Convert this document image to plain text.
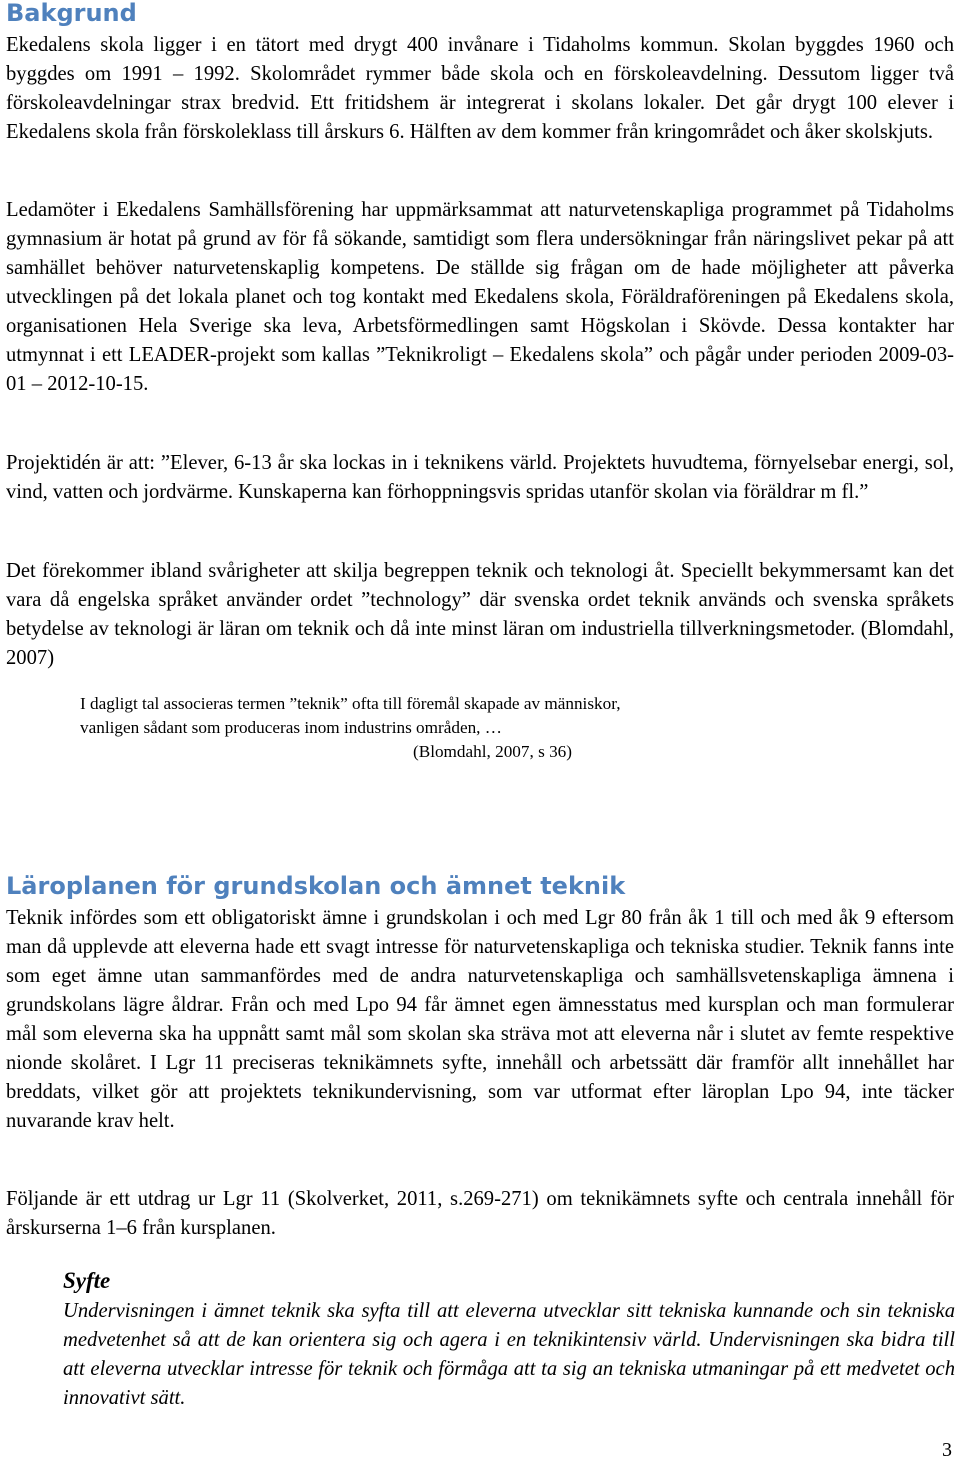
Bakgrund

Ekedalens skola ligger i en tätort med drygt 400 invånare i Tidaholms kommun. Skolan byggdes 1960 och byggdes om 1991 – 1992. Skolområdet rymmer både skola och en förskoleavdelning. Dessutom ligger två förskoleavdelningar strax bredvid. Ett fritidshem är integrerat i skolans lokaler. Det går drygt 100 elever i Ekedalens skola från förskoleklass till årskurs 6. Hälften av dem kommer från kringområdet och åker skolskjuts.

Ledamöter i Ekedalens Samhällsförening har uppmärksammat att naturvetenskapliga programmet på Tidaholms gymnasium är hotat på grund av för få sökande, samtidigt som flera undersökningar från näringslivet pekar på att samhället behöver naturvetenskaplig kompetens. De ställde sig frågan om de hade möjligheter att påverka utvecklingen på det lokala planet och tog kontakt med Ekedalens skola, Föräldraföreningen på Ekedalens skola, organisationen Hela Sverige ska leva, Arbetsförmedlingen samt Högskolan i Skövde. Dessa kontakter har utmynnat i ett LEADER-projekt som kallas ”Teknikroligt – Ekedalens skola” och pågår under perioden 2009-03-01 – 2012-10-15.

Projektidén är att: ”Elever, 6-13 år ska lockas in i teknikens värld. Projektets huvudtema, förnyelsebar energi, sol, vind, vatten och jordvärme. Kunskaperna kan förhoppningsvis spridas utanför skolan via föräldrar m fl.”

Det förekommer ibland svårigheter att skilja begreppen teknik och teknologi åt. Speciellt bekymmersamt kan det vara då engelska språket använder ordet ”technology” där svenska ordet teknik används och svenska språkets betydelse av teknologi är läran om teknik och då inte minst läran om industriella tillverkningsmetoder. (Blomdahl, 2007)

I dagligt tal associeras termen ”teknik” ofta till föremål skapade av människor,
vanligen sådant som produceras inom industrins områden, …
(Blomdahl, 2007, s 36)
Läroplanen för grundskolan och ämnet teknik

Teknik infördes som ett obligatoriskt ämne i grundskolan i och med Lgr 80 från åk 1 till och med åk 9 eftersom man då upplevde att eleverna hade ett svagt intresse för naturvetenskapliga och tekniska studier. Teknik fanns inte som eget ämne utan sammanfördes med de andra naturvetenskapliga och samhällsvetenskapliga ämnena i grundskolans lägre åldrar. Från och med Lpo 94 får ämnet egen ämnesstatus med kursplan och man formulerar mål som eleverna ska ha uppnått samt mål som skolan ska sträva mot att eleverna når i slutet av femte respektive nionde skolåret. I Lgr 11 preciseras teknikämnets syfte, innehåll och arbetssätt där framför allt innehållet har breddats, vilket gör att projektets teknikundervisning, som var utformat efter läroplan Lpo 94, inte täcker nuvarande krav helt.

Följande är ett utdrag ur Lgr 11 (Skolverket, 2011, s.269-271) om teknikämnets syfte och centrala innehåll för årskurserna 1–6 från kursplanen.

Syfte

Undervisningen i ämnet teknik ska syfta till att eleverna utvecklar sitt tekniska kunnande och sin tekniska medvetenhet så att de kan orientera sig och agera i en teknikintensiv värld. Undervisningen ska bidra till att eleverna utvecklar intresse för teknik och förmåga att ta sig an tekniska utmaningar på ett medvetet och innovativt sätt.

3
